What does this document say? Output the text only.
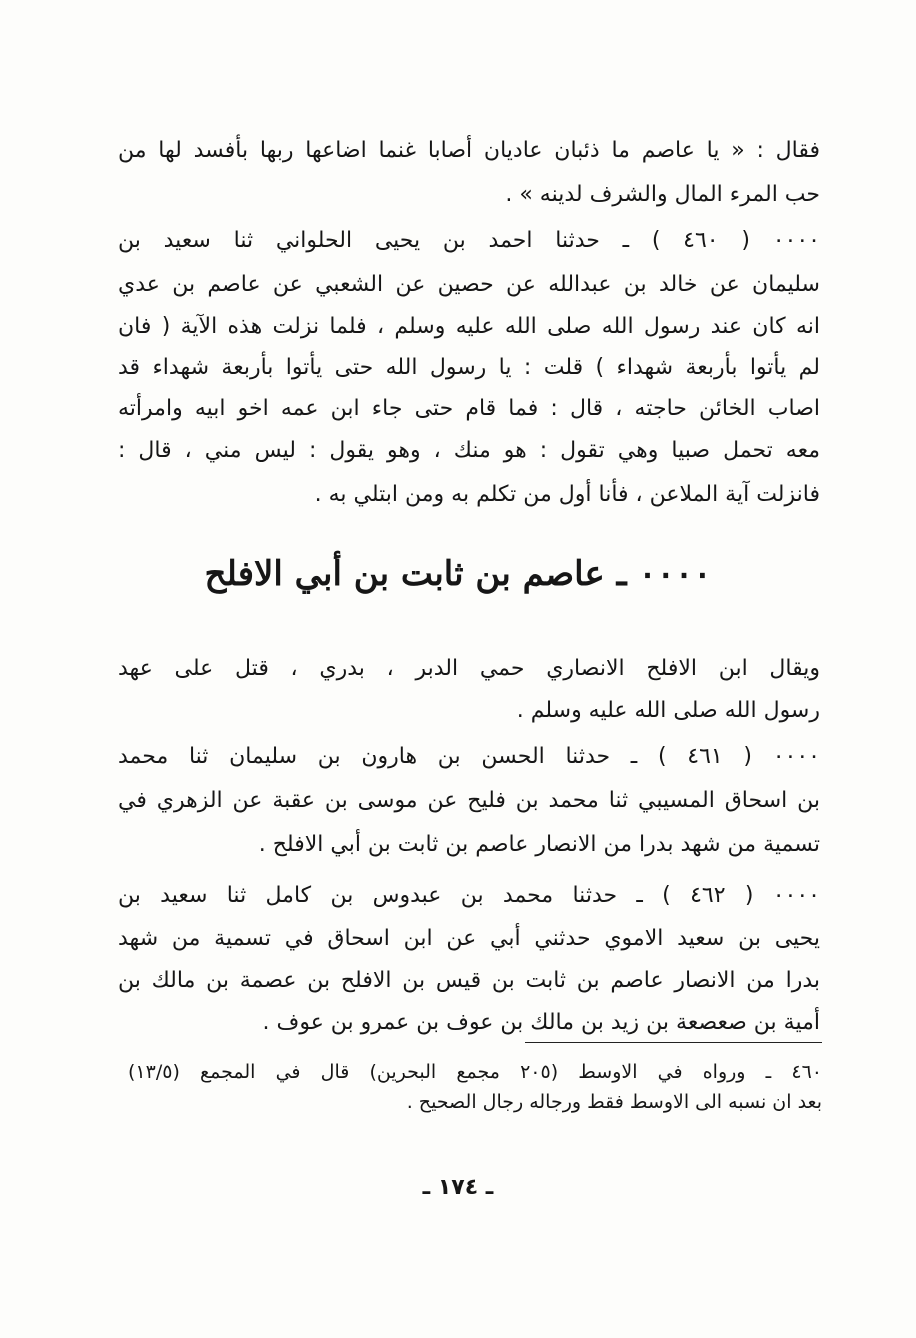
فقال : « يا عاصم ما ذئبان عاديان أصابا غنما اضاعها ربها بأفسد لها من
حب المرء المال والشرف لدينه » .
٠٠٠٠ ( ٤٦٠ ) ـ حدثنا احمد بن يحيى الحلواني ثنا سعيد بن
سليمان عن خالد بن عبدالله عن حصين عن الشعبي عن عاصم بن عدي
انه كان عند رسول الله صلى الله عليه وسلم ، فلما نزلت هذه الآية ( فان
لم يأتوا بأربعة شهداء ) قلت : يا رسول الله حتى يأتوا بأربعة شهداء قد
اصاب الخائن حاجته ، قال : فما قام حتى جاء ابن عمه اخو ابيه وامرأته
معه تحمل صبيا وهي تقول : هو منك ، وهو يقول : ليس مني ، قال :
فانزلت آية الملاعن ، فأنا أول من تكلم به ومن ابتلي به .
٠٠٠٠ ـ عاصم بن ثابت بن أبي الافلح
ويقال ابن الافلح الانصاري حمي الدبر ، بدري ، قتل على عهد
رسول الله صلى الله عليه وسلم .
٠٠٠٠ ( ٤٦١ ) ـ حدثنا الحسن بن هارون بن سليمان ثنا محمد
بن اسحاق المسيبي ثنا محمد بن فليح عن موسى بن عقبة عن الزهري في
تسمية من شهد بدرا من الانصار عاصم بن ثابت بن أبي الافلح .
٠٠٠٠ ( ٤٦٢ ) ـ حدثنا محمد بن عبدوس بن كامل ثنا سعيد بن
يحيى بن سعيد الاموي حدثني أبي عن ابن اسحاق في تسمية من شهد
بدرا من الانصار عاصم بن ثابت بن قيس بن الافلح بن عصمة بن مالك بن
أمية بن صعصعة بن زيد بن مالك بن عوف بن عمرو بن عوف .
٤٦٠ ـ ورواه في الاوسط (٢٠٥ مجمع البحرين) قال في المجمع (١٣/٥)
بعد ان نسبه الى الاوسط فقط ورجاله رجال الصحيح .
ـ ١٧٤ ـ
